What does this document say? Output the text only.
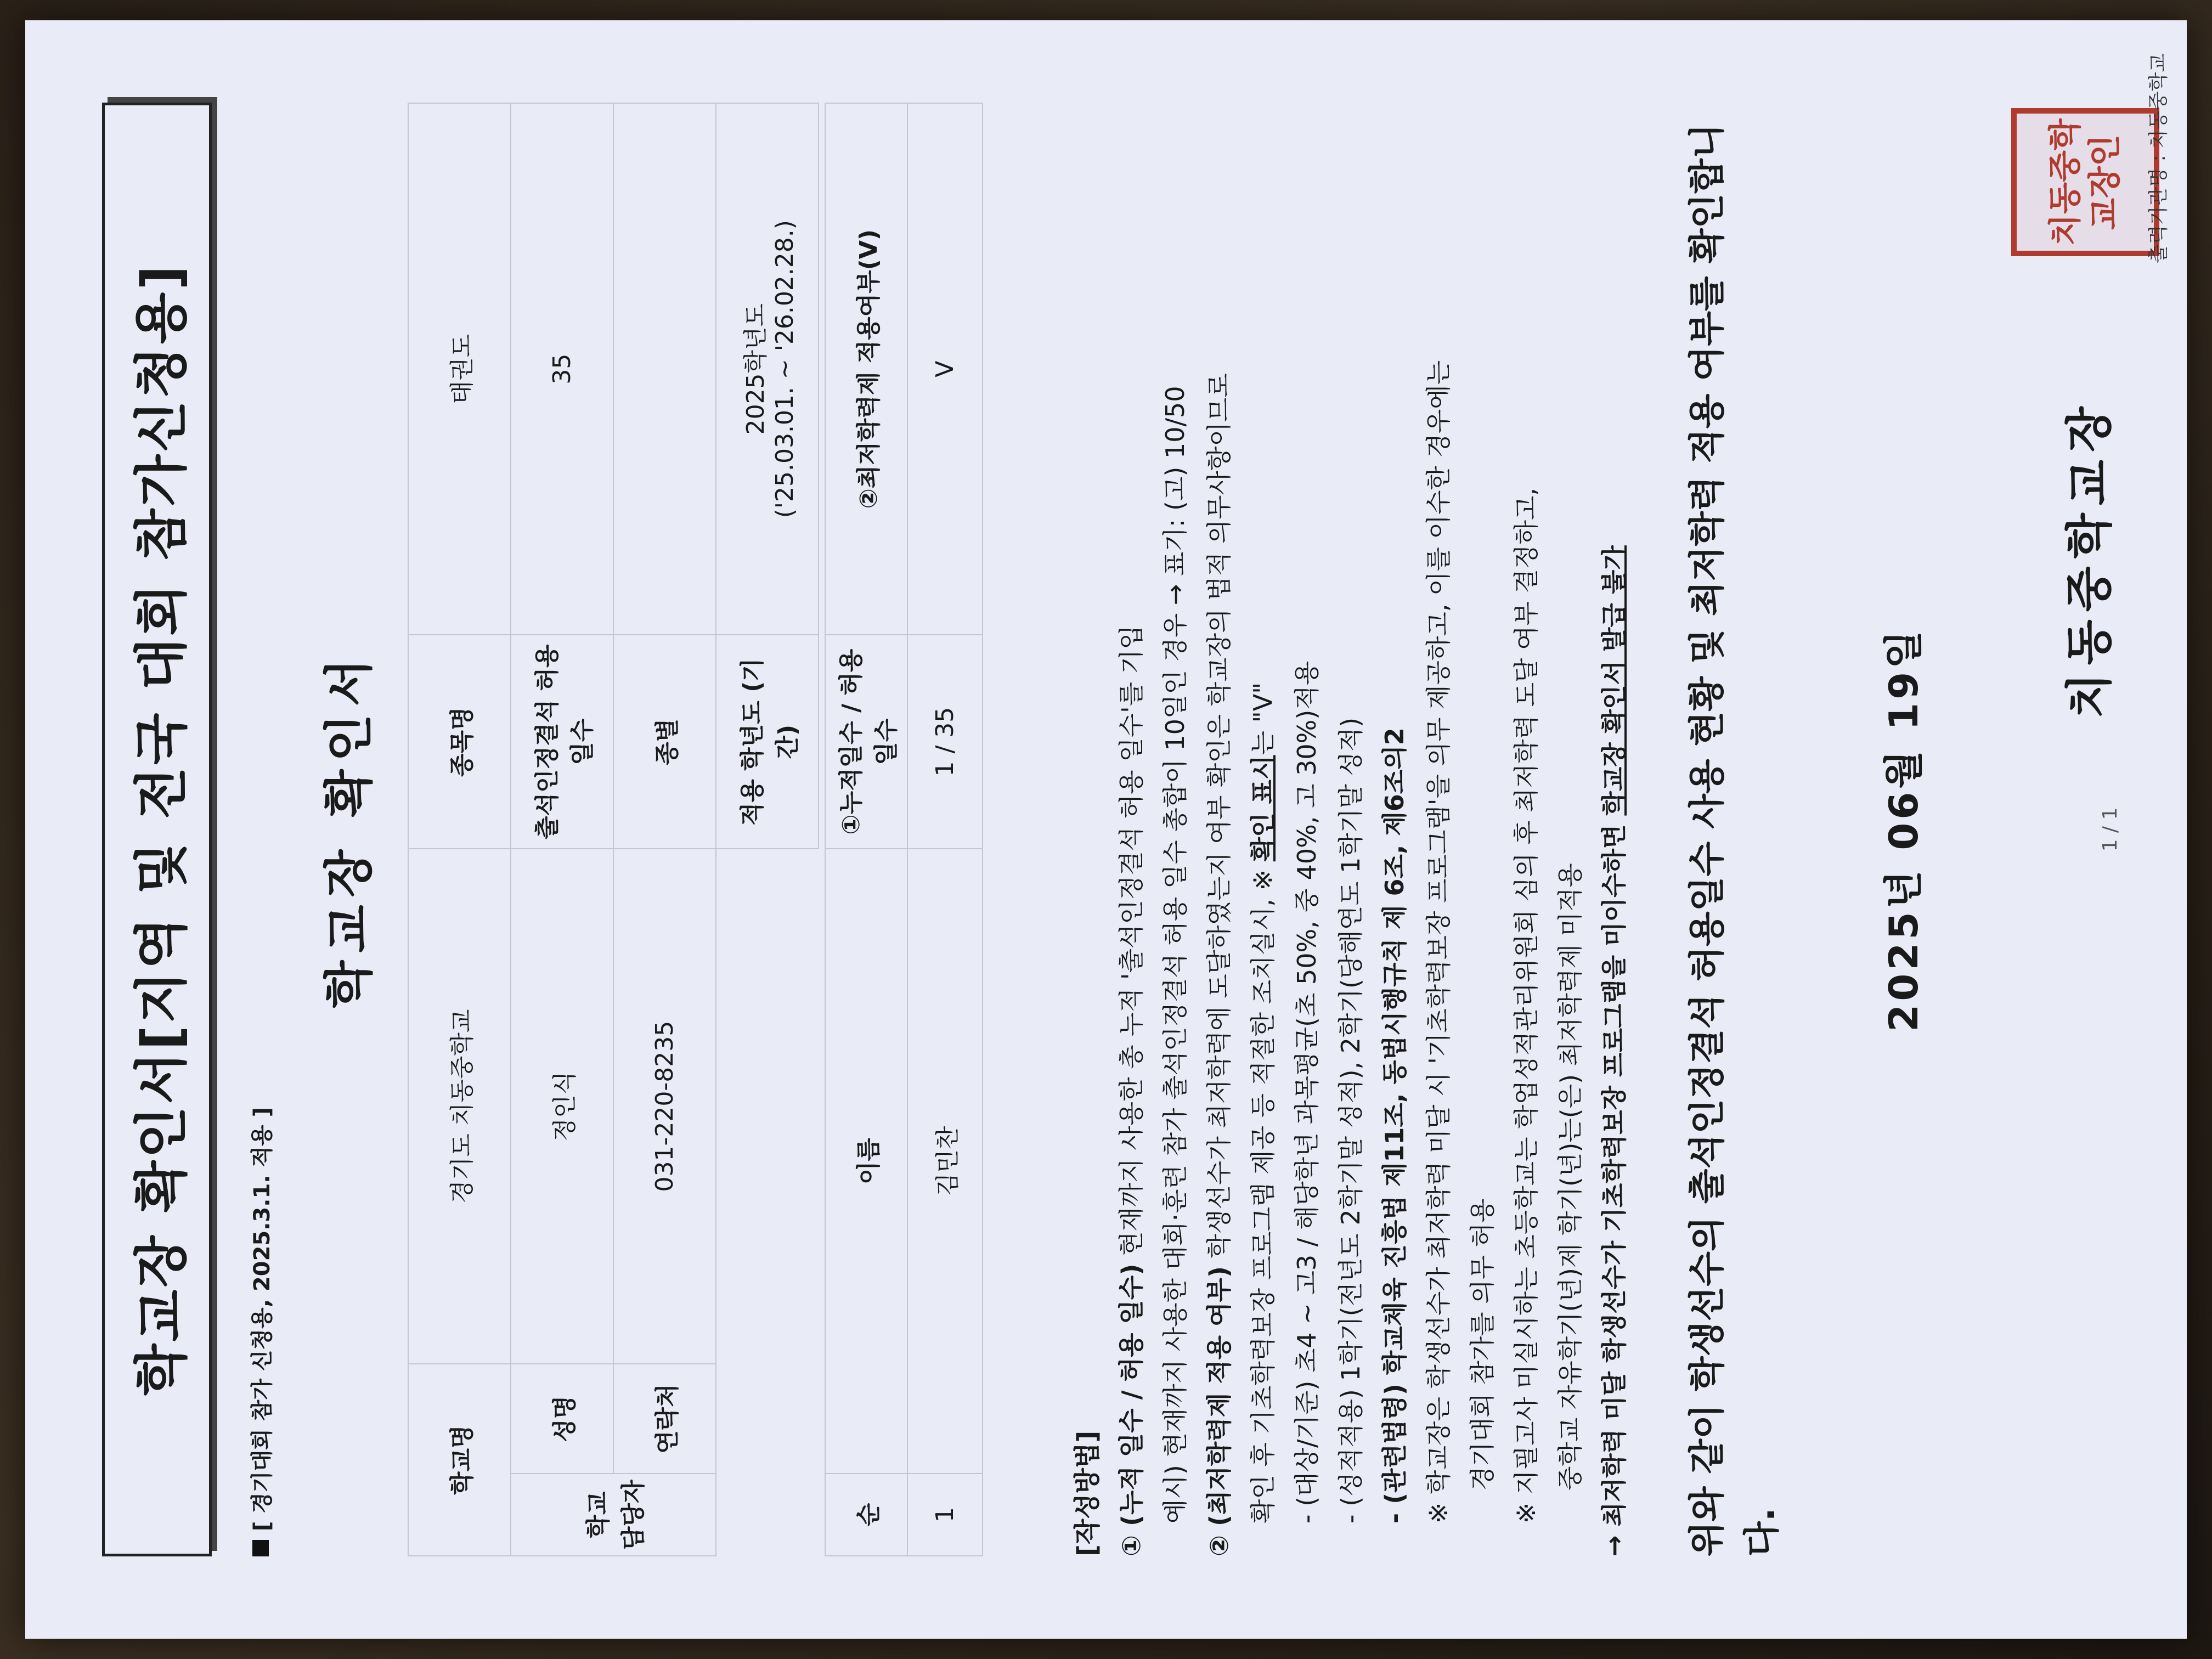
학교장 확인서[지역 및 전국 대회 참가신청용]	[ 경기대회 참가 신청용, 2025.3.1. 적용 ]
학교장 확인서
학교명		경기도 치동중학교	종목명	태권도
학교 담당자	성명	정인식	출석인정결석 허용일수	35
	연락처	031-220-8235	종별	
			적용 학년도 (기간)	2025학년도 ('25.03.01. ~ '26.02.28.)
순	이름	①누적일수 / 허용일수	②최저학력제 적용여부(V)
1	김민찬	1 / 35	V
[작성방법] ① (누적 일수 / 허용 일수) 현재까지 사용한 총 누적 '출석인정결석 허용 일수'를 기입 예시) 현재까지 사용한 대회·훈련 참가 출석인정결석 허용 일수 총합이 10일인 경우 → 표기: (고) 10/50 ② (최저학력제 적용 여부) 학생선수가 최저학력에 도달하였는지 여부 확인은 학교장의 법적 의무사항이므로 확인 후 기초학력보장 프로그램 제공 등 적절한 조치실시, ※ 확인 표시는 "V" - (대상/기준) 초4 ~ 고3 / 해당학년 과목평균(초 50%, 중 40%, 고 30%)적용 - (성적적용) 1학기(전년도 2학기말 성적), 2학기(당해연도 1학기말 성적) - (관련법령) 학교체육 진흥법 제11조, 동법시행규칙 제 6조, 제6조의2 ※ 학교장은 학생선수가 최저학력 미달 시 '기초학력보장 프로그램'을 의무 제공하고, 이를 이수한 경우에는 경기대회 참가를 의무 허용 ※ 지필고사 미실시하는 초등학교는 학업성적관리위원회 심의 후 최저학력 도달 여부 결정하고, 중학교 자유학기(년)제 학기(년)는(은) 최저학력제 미적용 → 최저학력 미달 학생선수가 기초학력보장 프로그램을 미이수하면 학교장 확인서 발급 불가 위와 같이 학생선수의 출석인정결석 허용일수 사용 현황 및 최저학력 적용 여부를 확인합니다.
2025년 06월 19일
치동중학교장
치동중학교장인
1 / 1
출력기관명 : 치동중학교
